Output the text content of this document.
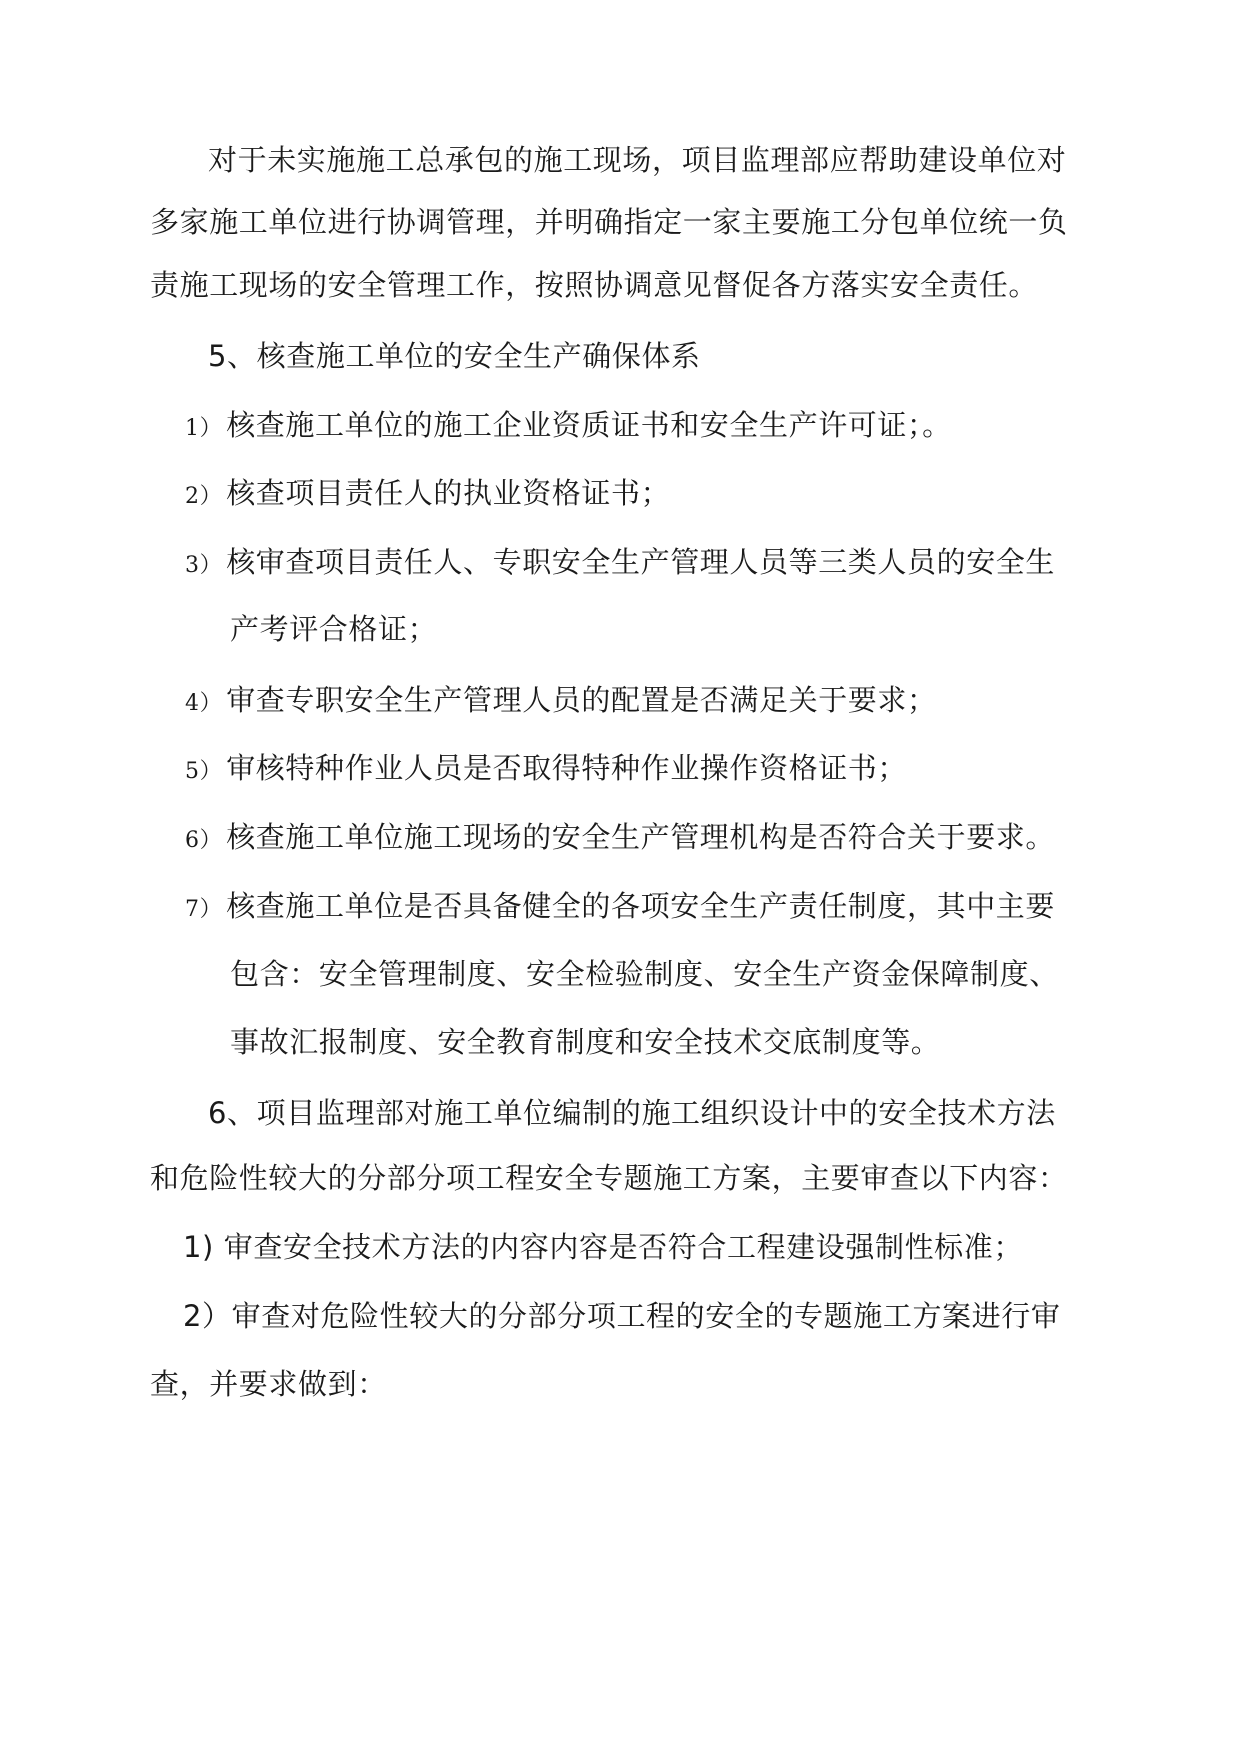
对于未实施施工总承包的施工现场，项目监理部应帮助建设单位对
多家施工单位进行协调管理，并明确指定一家主要施工分包单位统一负
责施工现场的安全管理工作，按照协调意见督促各方落实安全责任。
5、核查施工单位的安全生产确保体系
1） 核查施工单位的施工企业资质证书和安全生产许可证；。
2） 核查项目责任人的执业资格证书；
3） 核审查项目责任人、专职安全生产管理人员等三类人员的安全生
产考评合格证；
4） 审查专职安全生产管理人员的配置是否满足关于要求；
5） 审核特种作业人员是否取得特种作业操作资格证书；
6） 核查施工单位施工现场的安全生产管理机构是否符合关于要求。
7） 核查施工单位是否具备健全的各项安全生产责任制度，其中主要
包含：安全管理制度、安全检验制度、安全生产资金保障制度、
事故汇报制度、安全教育制度和安全技术交底制度等。
6、项目监理部对施工单位编制的施工组织设计中的安全技术方法
和危险性较大的分部分项工程安全专题施工方案，主要审查以下内容：
1) 审查安全技术方法的内容内容是否符合工程建设强制性标准；
2）审查对危险性较大的分部分项工程的安全的专题施工方案进行审
查，并要求做到：
